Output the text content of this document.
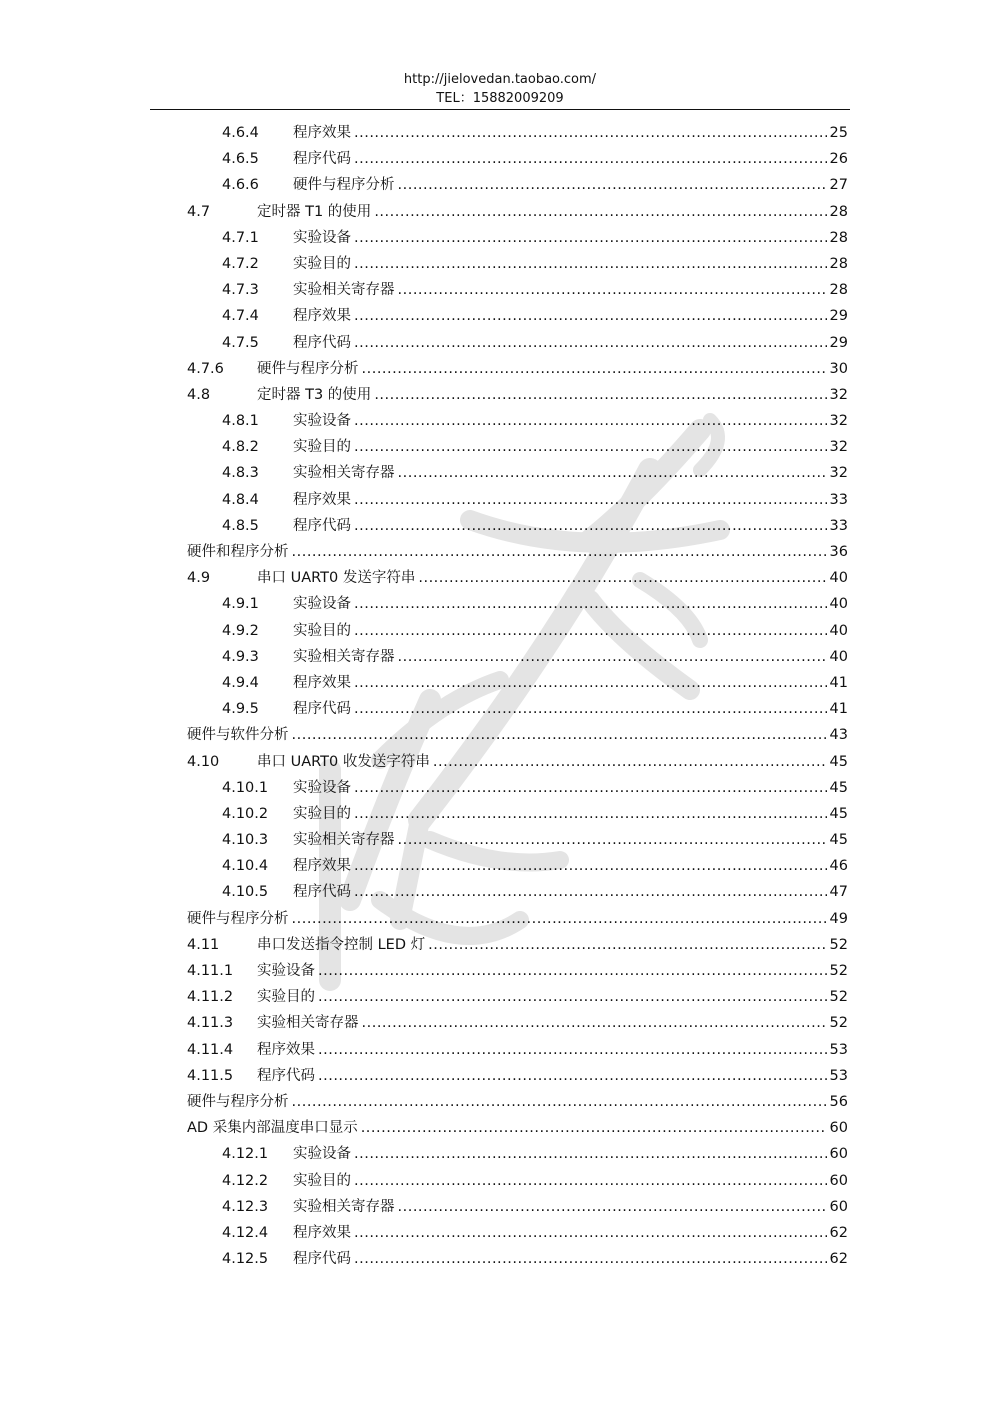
http://jielovedan.taobao.com/
TEL：15882009209
4.6.4	程序效果 .....	25
4.6.5	程序代码 .....	26
4.6.6	硬件与程序分析 .....	27
4.7	定时器 T1 的使用 .....	28
4.7.1	实验设备 .....	28
4.7.2	实验目的 .....	28
4.7.3	实验相关寄存器 .....	28
4.7.4	程序效果 .....	29
4.7.5	程序代码 .....	29
4.7.6	硬件与程序分析 .....	30
4.8	定时器 T3 的使用 .....	32
4.8.1	实验设备 .....	32
4.8.2	实验目的 .....	32
4.8.3	实验相关寄存器 .....	32
4.8.4	程序效果 .....	33
4.8.5	程序代码 .....	33
硬件和程序分析 .....	36
4.9	串口 UART0 发送字符串 .....	40
4.9.1	实验设备 .....	40
4.9.2	实验目的 .....	40
4.9.3	实验相关寄存器 .....	40
4.9.4	程序效果 .....	41
4.9.5	程序代码 .....	41
硬件与软件分析 .....	43
4.10	串口 UART0 收发送字符串 .....	45
4.10.1	实验设备 .....	45
4.10.2	实验目的 .....	45
4.10.3	实验相关寄存器 .....	45
4.10.4	程序效果 .....	46
4.10.5	程序代码 .....	47
硬件与程序分析 .....	49
4.11	串口发送指令控制 LED 灯 .....	52
4.11.1	实验设备 .....	52
4.11.2	实验目的 .....	52
4.11.3	实验相关寄存器 .....	52
4.11.4	程序效果 .....	53
4.11.5	程序代码 .....	53
硬件与程序分析 .....	56
AD 采集内部温度串口显示 .....	60
4.12.1	实验设备 .....	60
4.12.2	实验目的 .....	60
4.12.3	实验相关寄存器 .....	60
4.12.4	程序效果 .....	62
4.12.5	程序代码 .....	62
